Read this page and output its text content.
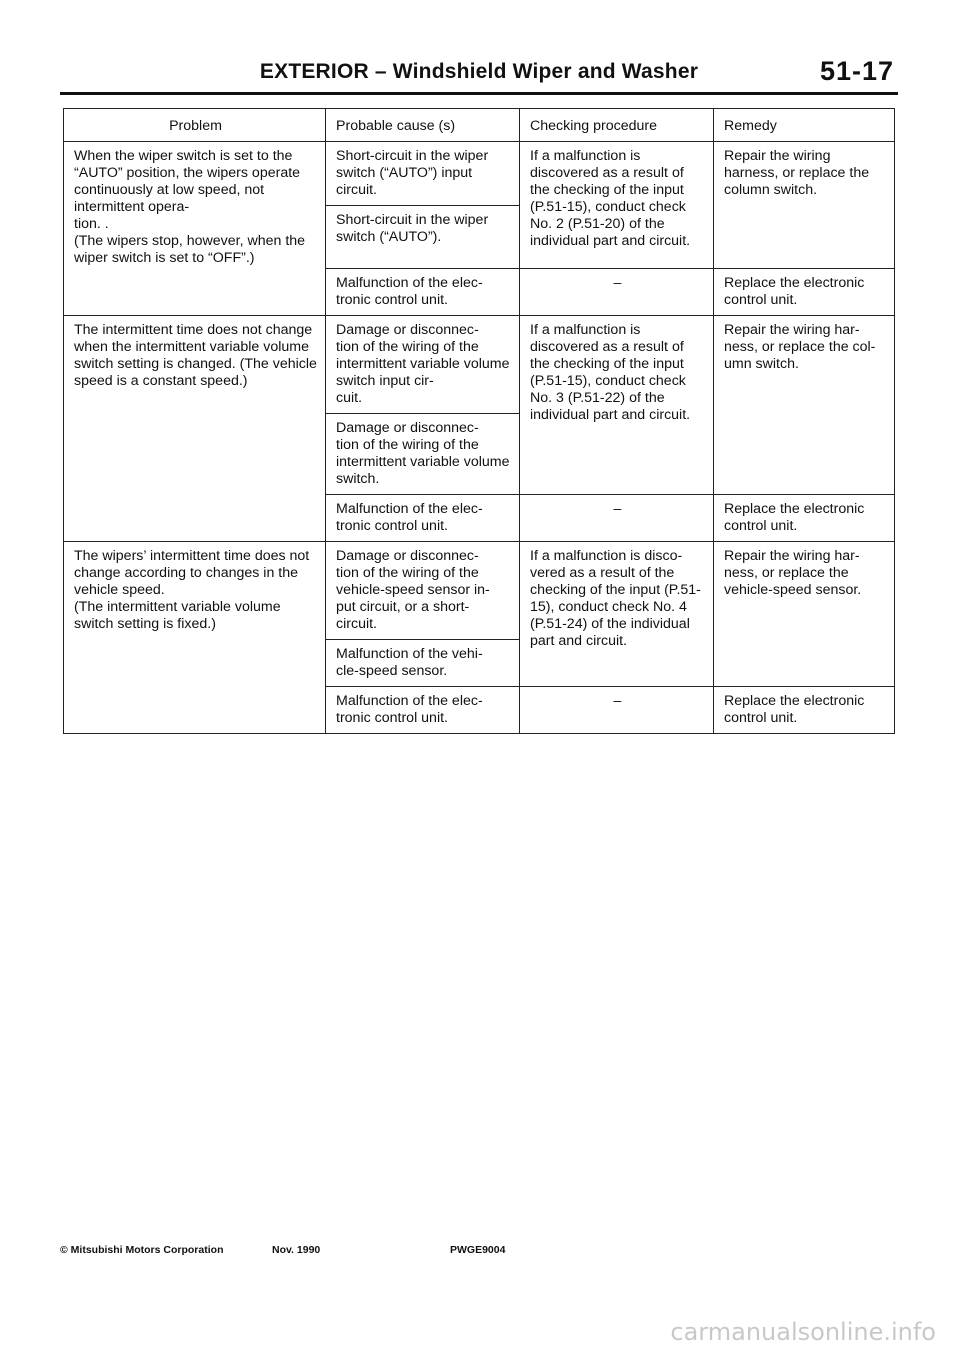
EXTERIOR – Windshield Wiper and Washer	51-17
Problem	Probable cause (s)	Checking procedure	Remedy
When the wiper switch is set to the “AUTO” position, the wipers operate continuously at low speed, not intermittent opera-
tion. .
(The wipers stop, however, when the wiper switch is set to “OFF”.)	Short-circuit in the wiper switch (“AUTO”) input circuit.	If a malfunction is discovered as a result of the checking of the input (P.51-15), conduct check No. 2 (P.51-20) of the individual part and circuit.	Repair the wiring harness, or replace the column switch.
	Short-circuit in the wiper switch (“AUTO”).		
	Malfunction of the elec-
tronic control unit.	–	Replace the electronic control unit.
The intermittent time does not change when the intermittent variable volume switch setting is changed. (The vehicle speed is a constant speed.)	Damage or disconnec-
tion of the wiring of the intermittent variable volume switch input cir-
cuit.	If a malfunction is discovered as a result of the checking of the input (P.51-15), conduct check No. 3 (P.51-22) of the individual part and circuit.	Repair the wiring har-
ness, or replace the col-
umn switch.
	Damage or disconnec-
tion of the wiring of the intermittent variable volume switch.		
	Malfunction of the elec-
tronic control unit.	–	Replace the electronic control unit.
The wipers’ intermittent time does not change according to changes in the vehicle speed.
(The intermittent variable volume switch setting is fixed.)	Damage or disconnec-
tion of the wiring of the vehicle-speed sensor in-
put circuit, or a short-
circuit.	If a malfunction is disco-
vered as a result of the checking of the input (P.51-15), conduct check No. 4 (P.51-24) of the individual part and circuit.	Repair the wiring har-
ness, or replace the vehicle-speed sensor.
	Malfunction of the vehi-
cle-speed sensor.		
	Malfunction of the elec-
tronic control unit.	–	Replace the electronic control unit.
© Mitsubishi Motors Corporation	Nov. 1990	PWGE9004
carmanualsonline.info
